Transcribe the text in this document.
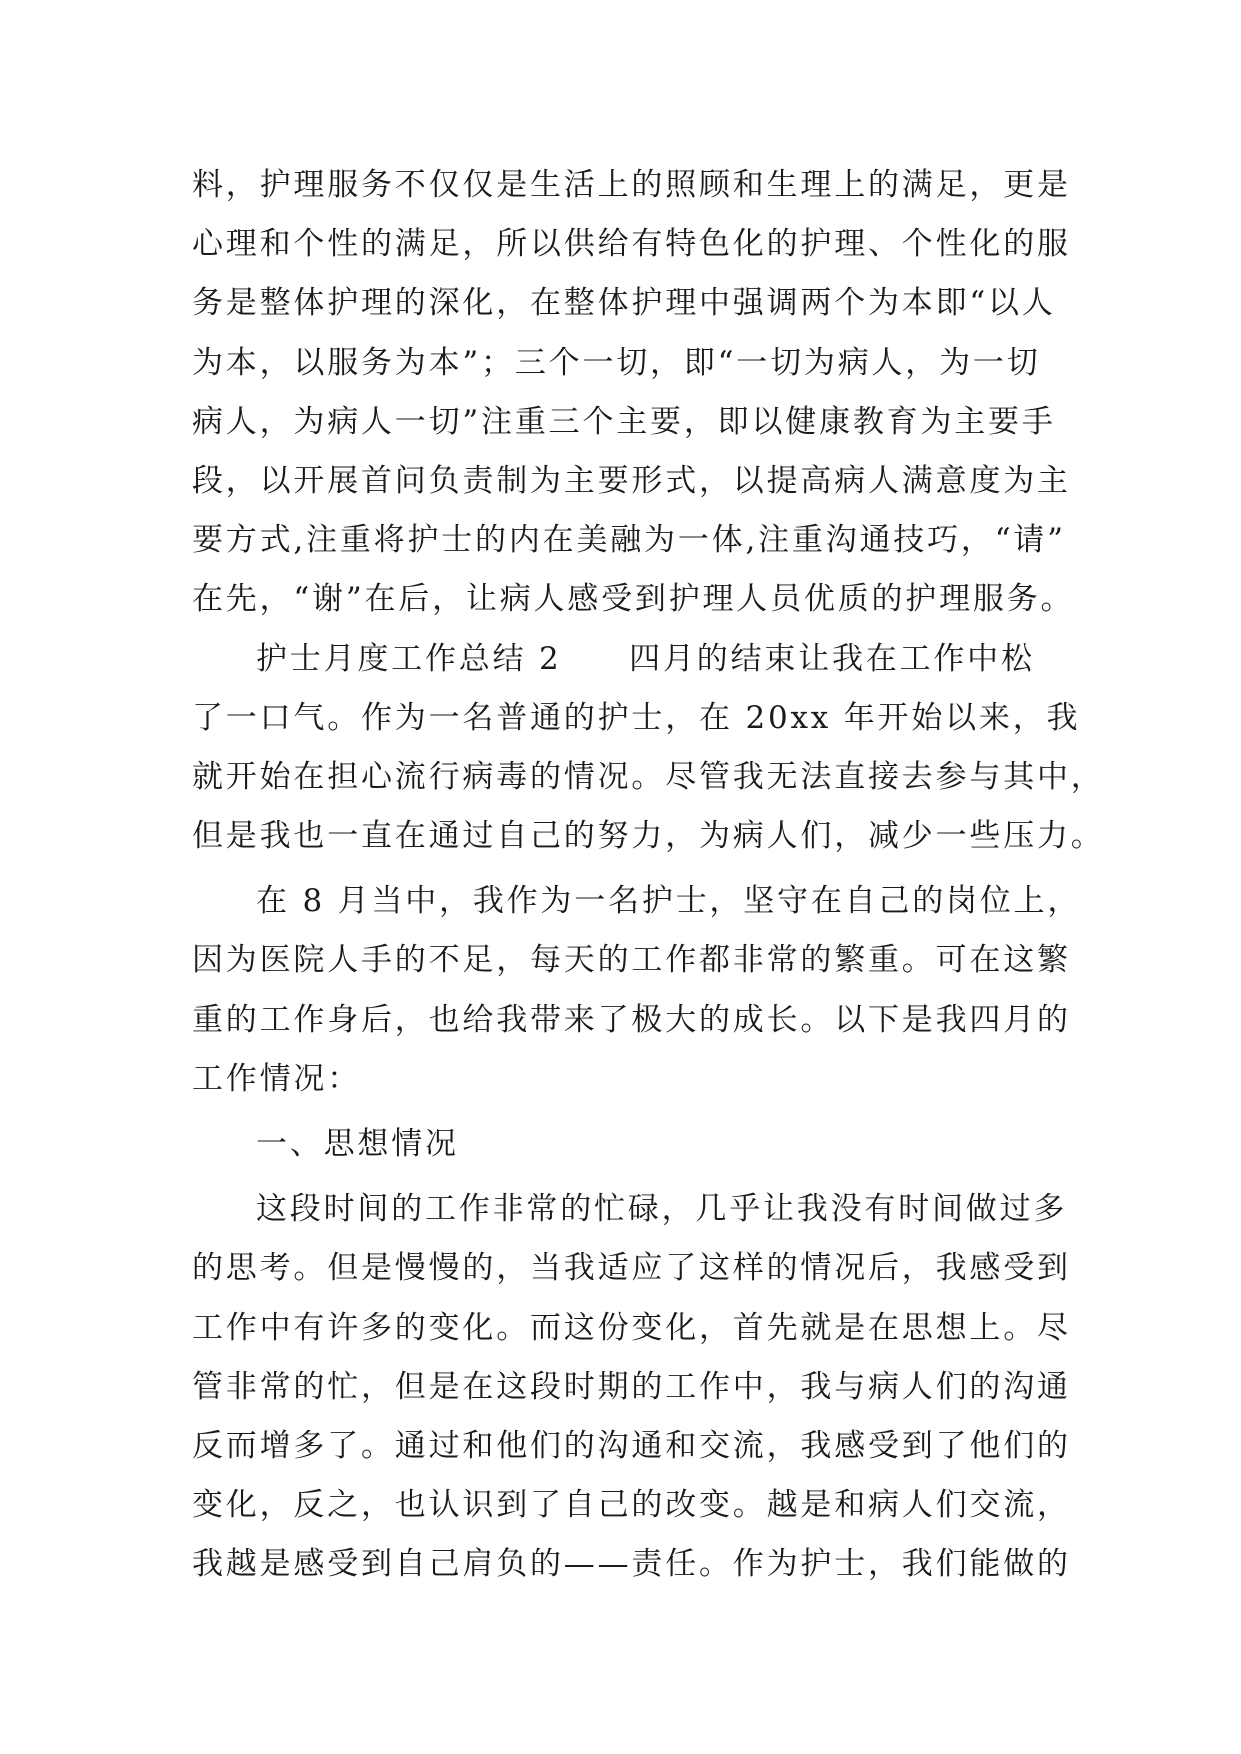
料，护理服务不仅仅是生活上的照顾和生理上的满足，更是
心理和个性的满足，所以供给有特色化的护理、个性化的服
务是整体护理的深化，在整体护理中强调两个为本即“以人
为本，以服务为本”；三个一切，即“一切为病人，为一切
病人，为病人一切”注重三个主要，即以健康教育为主要手
段，以开展首问负责制为主要形式，以提高病人满意度为主
要方式,注重将护士的内在美融为一体,注重沟通技巧，“请”
在先，“谢”在后，让病人感受到护理人员优质的护理服务。
护士月度工作总结 2　　四月的结束让我在工作中松
了一口气。作为一名普通的护士，在 20xx 年开始以来，我
就开始在担心流行病毒的情况。尽管我无法直接去参与其中，
但是我也一直在通过自己的努力，为病人们，减少一些压力。
在 8 月当中，我作为一名护士，坚守在自己的岗位上，
因为医院人手的不足，每天的工作都非常的繁重。可在这繁
重的工作身后，也给我带来了极大的成长。以下是我四月的
工作情况：
一、思想情况
这段时间的工作非常的忙碌，几乎让我没有时间做过多
的思考。但是慢慢的，当我适应了这样的情况后，我感受到
工作中有许多的变化。而这份变化，首先就是在思想上。尽
管非常的忙，但是在这段时期的工作中，我与病人们的沟通
反而增多了。通过和他们的沟通和交流，我感受到了他们的
变化，反之，也认识到了自己的改变。越是和病人们交流，
我越是感受到自己肩负的——责任。作为护士，我们能做的
